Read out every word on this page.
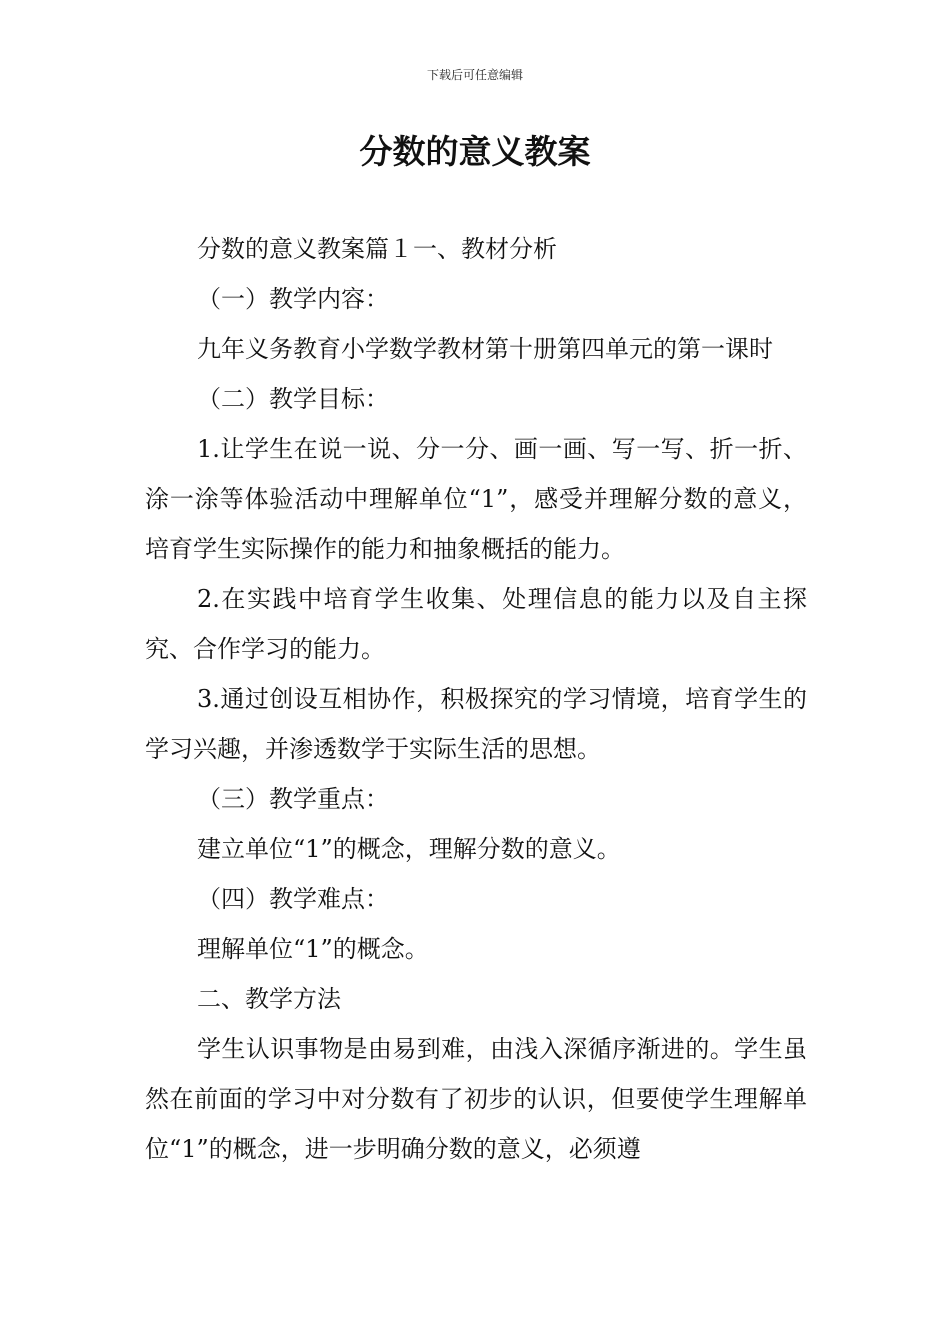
下载后可任意编辑
分数的意义教案

分数的意义教案篇１一、教材分析

（一）教学内容：

九年义务教育小学数学教材第十册第四单元的第一课时

（二）教学目标：

1.让学生在说一说、分一分、画一画、写一写、折一折、涂一涂等体验活动中理解单位“1”，感受并理解分数的意义，培育学生实际操作的能力和抽象概括的能力。

2.在实践中培育学生收集、处理信息的能力以及自主探究、合作学习的能力。

3.通过创设互相协作，积极探究的学习情境，培育学生的学习兴趣，并渗透数学于实际生活的思想。

（三）教学重点：

建立单位“1”的概念，理解分数的意义。

（四）教学难点：

理解单位“1”的概念。

二、教学方法

学生认识事物是由易到难，由浅入深循序渐进的。学生虽然在前面的学习中对分数有了初步的认识，但要使学生理解单位“1”的概念，进一步明确分数的意义，必须遵
